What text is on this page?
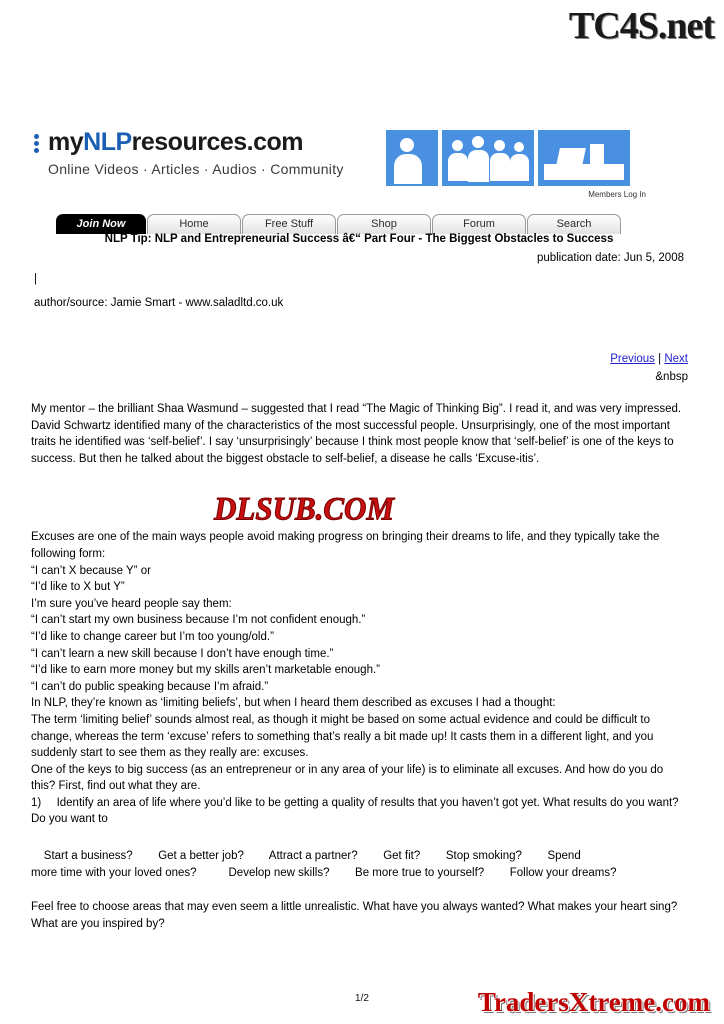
TC4S.net
myNLPresources.com
Online Videos · Articles · Audios · Community
Members Log In
Join Now	Home	Free Stuff	Shop	Forum	Search
NLP Tip: NLP and Entrepreneurial Success â€“ Part Four - The Biggest Obstacles to Success
publication date: Jun 5, 2008
|
author/source: Jamie Smart - www.saladltd.co.uk
Previous | Next
&nbsp

My mentor – the brilliant Shaa Wasmund – suggested that I read “The Magic of Thinking Big”. I read it, and was very impressed. David Schwartz identified many of the characteristics of the most successful people. Unsurprisingly, one of the most important traits he identified was ‘self-belief’. I say ‘unsurprisingly’ because I think most people know that ‘self-belief’ is one of the keys to success. But then he talked about the biggest obstacle to self-belief, a disease he calls ‘Excuse-itis’.

Excuses are one of the main ways people avoid making progress on bringing their dreams to life, and they typically take the following form:

“I can’t X because Y” or

“I’d like to X but Y”

I’m sure you’ve heard people say them:

“I can’t start my own business because I’m not confident enough.”

“I’d like to change career but I’m too young/old.”

“I can’t learn a new skill because I don’t have enough time.”

“I’d like to earn more money but my skills aren’t marketable enough.”

“I can’t do public speaking because I’m afraid.”

In NLP, they’re known as ‘limiting beliefs’, but when I heard them described as excuses I had a thought:

The term ‘limiting belief’ sounds almost real, as though it might be based on some actual evidence and could be difficult to change, whereas the term ‘excuse’ refers to something that’s really a bit made up! It casts them in a different light, and you suddenly start to see them as they really are: excuses.

One of the keys to big success (as an entrepreneur or in any area of your life) is to eliminate all excuses. And how do you do this? First, find out what they are.

1)	Identify an area of life where you’d like to be getting a quality of results that you haven’t got yet. What results do you want? Do you want to

Start a business?        Get a better job?        Attract a partner?        Get fit?        Stop smoking?        Spend

more time with your loved ones?          Develop new skills?        Be more true to yourself?        Follow your dreams?

Feel free to choose areas that may even seem a little unrealistic. What have you always wanted? What makes your heart sing? What are you inspired by?

DLSUB.COM
1/2	TradersXtreme.com
